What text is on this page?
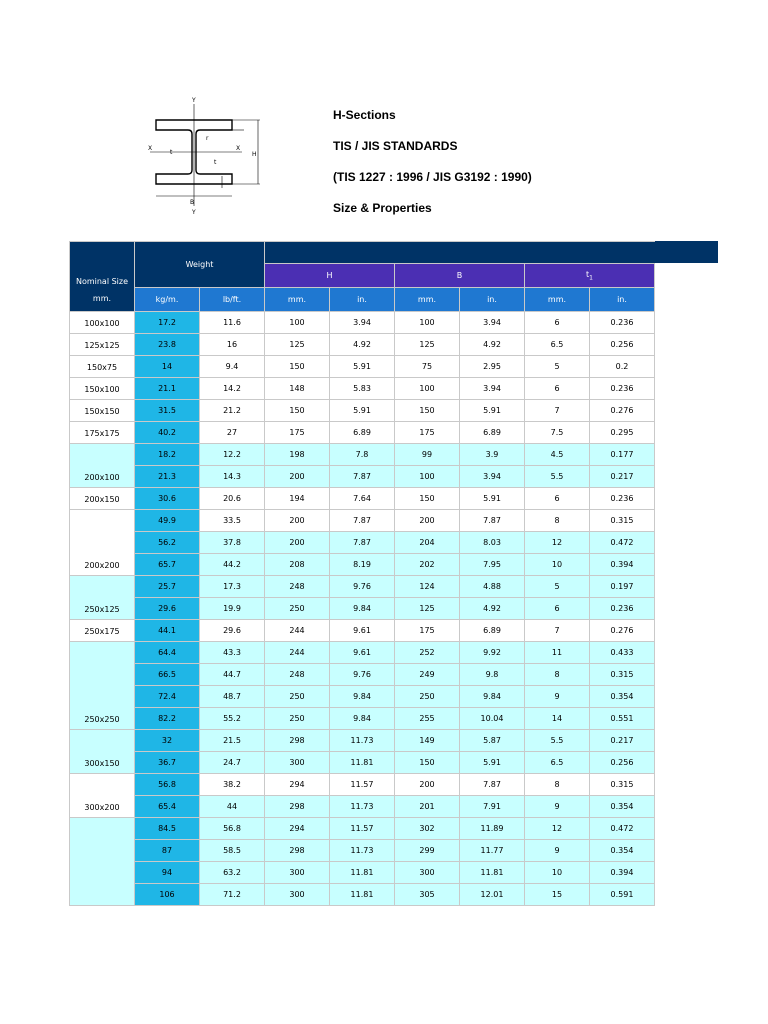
Y
Y
X	X
t
t
r
H
B
H-Sections
TIS / JIS STANDARDS
(TIS 1227 : 1996 / JIS G3192 : 1990)
Size & Properties
Nominal Size
mm.	Weight							
			H		B		$t_1$
	kg/m.	lb/ft.	mm.	in.	mm.	in.	mm.	in.
100x100	17.2	11.6	100	3.94	100	3.94	6	0.236
125x125	23.8	16	125	4.92	125	4.92	6.5	0.256
150x75	14	9.4	150	5.91	75	2.95	5	0.2
150x100	21.1	14.2	148	5.83	100	3.94	6	0.236
150x150	31.5	21.2	150	5.91	150	5.91	7	0.276
175x175	40.2	27	175	6.89	175	6.89	7.5	0.295
200x100	18.2	12.2	198	7.8	99	3.9	4.5	0.177
	21.3	14.3	200	7.87	100	3.94	5.5	0.217
200x150	30.6	20.6	194	7.64	150	5.91	6	0.236
200x200	49.9	33.5	200	7.87	200	7.87	8	0.315
	56.2	37.8	200	7.87	204	8.03	12	0.472
	65.7	44.2	208	8.19	202	7.95	10	0.394
250x125	25.7	17.3	248	9.76	124	4.88	5	0.197
	29.6	19.9	250	9.84	125	4.92	6	0.236
250x175	44.1	29.6	244	9.61	175	6.89	7	0.276
250x250	64.4	43.3	244	9.61	252	9.92	11	0.433
	66.5	44.7	248	9.76	249	9.8	8	0.315
	72.4	48.7	250	9.84	250	9.84	9	0.354
	82.2	55.2	250	9.84	255	10.04	14	0.551
300x150	32	21.5	298	11.73	149	5.87	5.5	0.217
	36.7	24.7	300	11.81	150	5.91	6.5	0.256
300x200	56.8	38.2	294	11.57	200	7.87	8	0.315
	65.4	44	298	11.73	201	7.91	9	0.354
	84.5	56.8	294	11.57	302	11.89	12	0.472
	87	58.5	298	11.73	299	11.77	9	0.354
	94	63.2	300	11.81	300	11.81	10	0.394
	106	71.2	300	11.81	305	12.01	15	0.591
